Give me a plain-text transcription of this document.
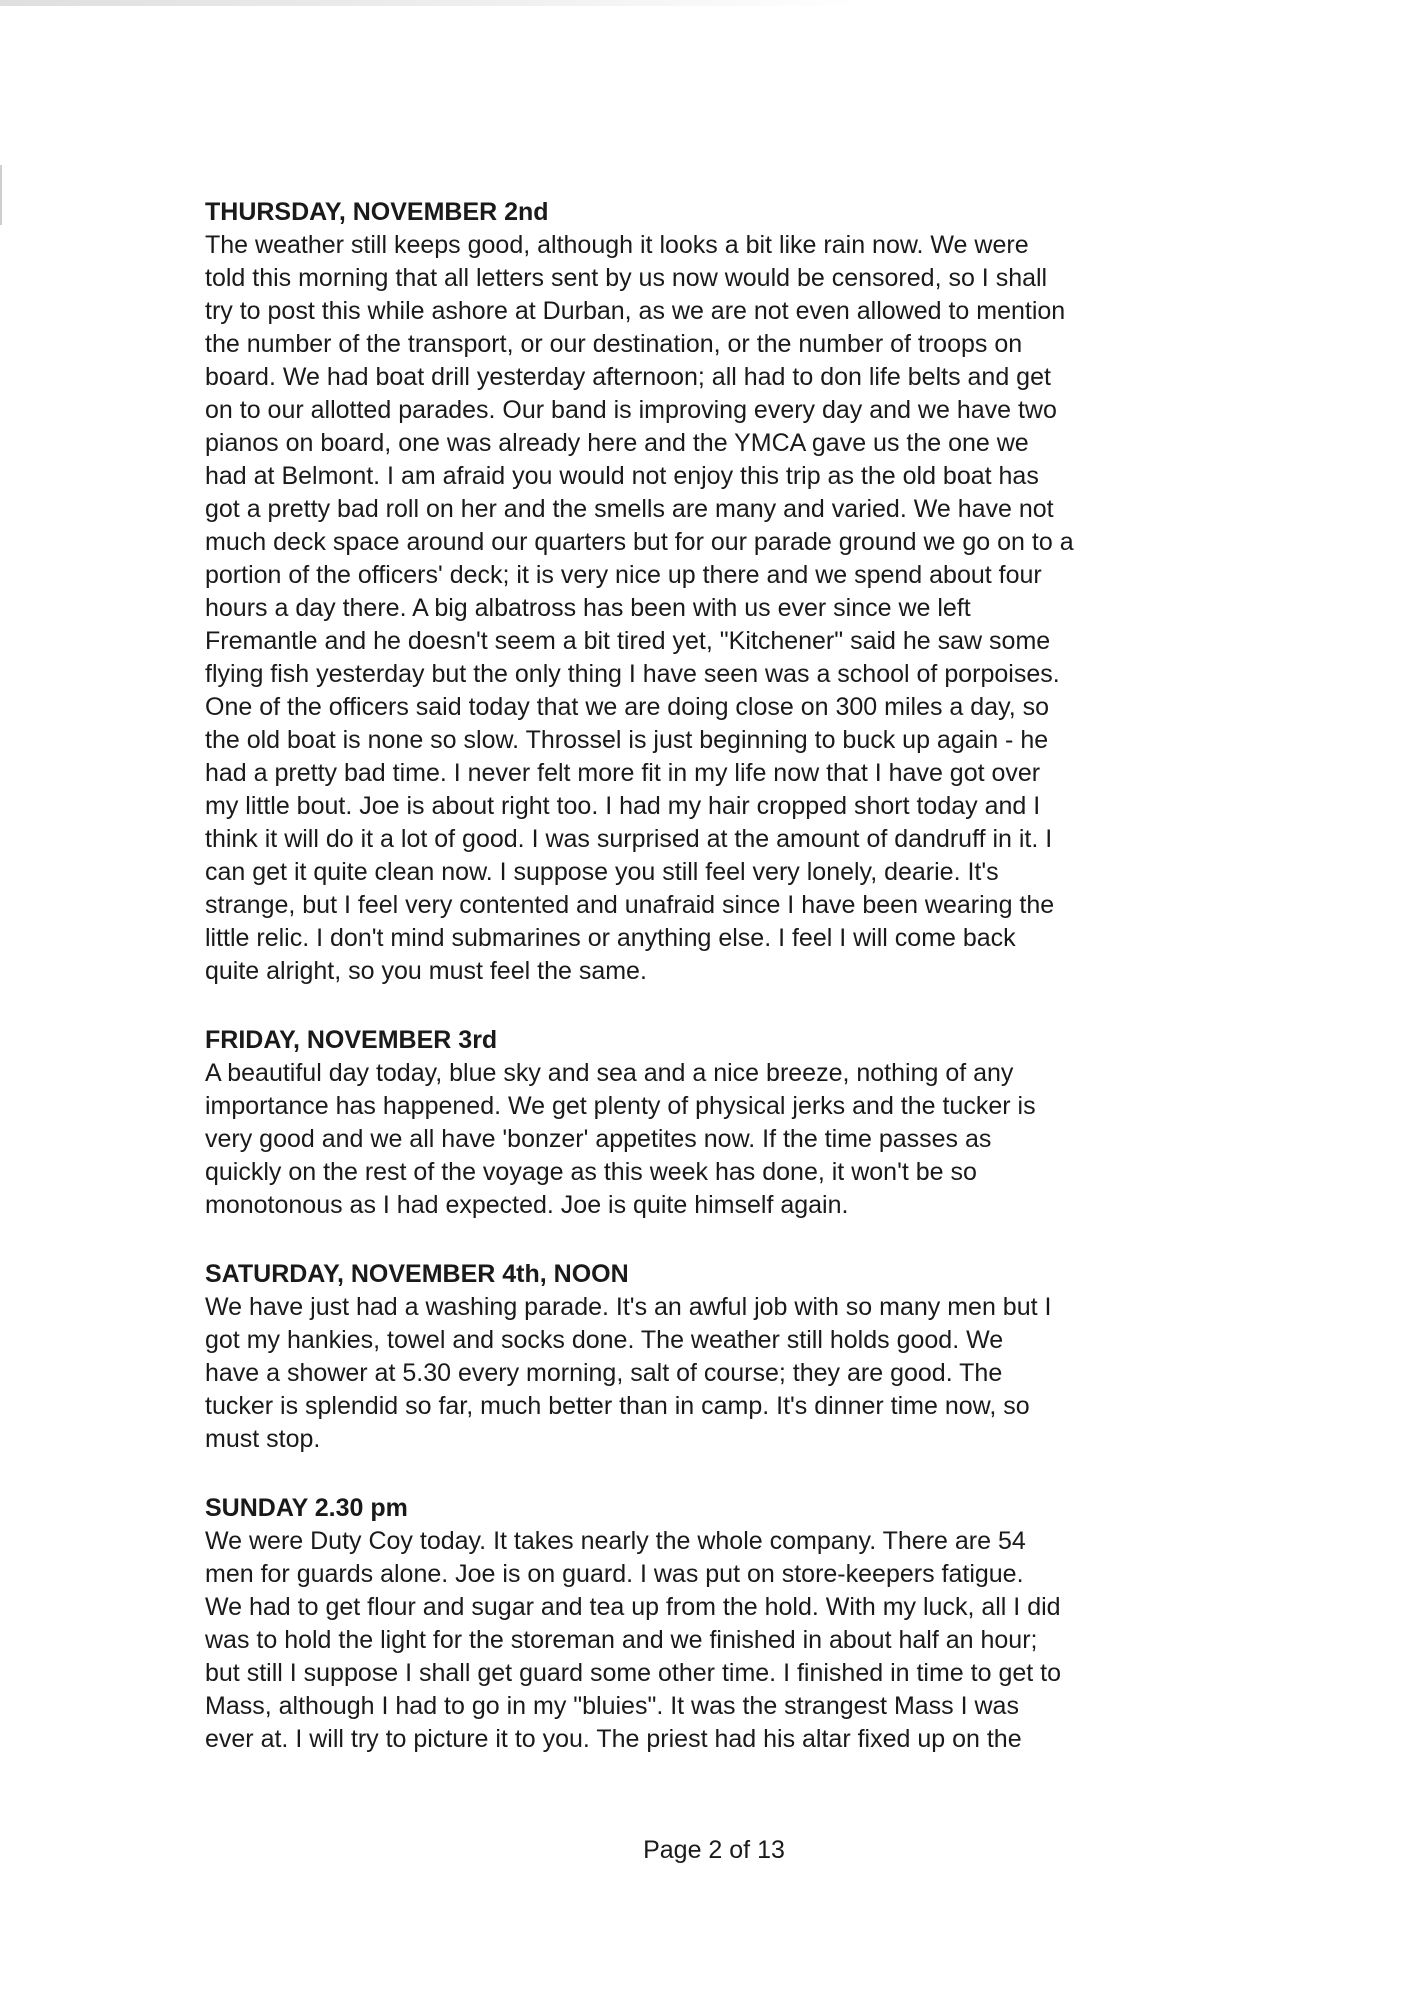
THURSDAY, NOVEMBER 2nd
The weather still keeps good, although it looks a bit like rain now. We were
told this morning that all letters sent by us now would be censored, so I shall
try to post this while ashore at Durban, as we are not even allowed to mention
the number of the transport, or our destination, or the number of troops on
board. We had boat drill yesterday afternoon; all had to don life belts and get
on to our allotted parades. Our band is improving every day and we have two
pianos on board, one was already here and the YMCA gave us the one we
had at Belmont. I am afraid you would not enjoy this trip as the old boat has
got a pretty bad roll on her and the smells are many and varied. We have not
much deck space around our quarters but for our parade ground we go on to a
portion of the officers' deck; it is very nice up there and we spend about four
hours a day there. A big albatross has been with us ever since we left
Fremantle and he doesn't seem a bit tired yet, "Kitchener" said he saw some
flying fish yesterday but the only thing I have seen was a school of porpoises.
One of the officers said today that we are doing close on 300 miles a day, so
the old boat is none so slow. Throssel is just beginning to buck up again - he
had a pretty bad time. I never felt more fit in my life now that I have got over
my little bout. Joe is about right too. I had my hair cropped short today and I
think it will do it a lot of good. I was surprised at the amount of dandruff in it. I
can get it quite clean now. I suppose you still feel very lonely, dearie. It's
strange, but I feel very contented and unafraid since I have been wearing the
little relic. I don't mind submarines or anything else. I feel I will come back
quite alright, so you must feel the same.
FRIDAY, NOVEMBER 3rd
A beautiful day today, blue sky and sea and a nice breeze, nothing of any
importance has happened. We get plenty of physical jerks and the tucker is
very good and we all have 'bonzer' appetites now. If the time passes as
quickly on the rest of the voyage as this week has done, it won't be so
monotonous as I had expected. Joe is quite himself again.
SATURDAY, NOVEMBER 4th, NOON
We have just had a washing parade. It's an awful job with so many men but I
got my hankies, towel and socks done. The weather still holds good. We
have a shower at 5.30 every morning, salt of course; they are good. The
tucker is splendid so far, much better than in camp. It's dinner time now, so
must stop.
SUNDAY 2.30 pm
We were Duty Coy today. It takes nearly the whole company. There are 54
men for guards alone. Joe is on guard. I was put on store-keepers fatigue.
We had to get flour and sugar and tea up from the hold. With my luck, all I did
was to hold the light for the storeman and we finished in about half an hour;
but still I suppose I shall get guard some other time. I finished in time to get to
Mass, although I had to go in my "bluies". It was the strangest Mass I was
ever at. I will try to picture it to you. The priest had his altar fixed up on the
Page 2 of 13
